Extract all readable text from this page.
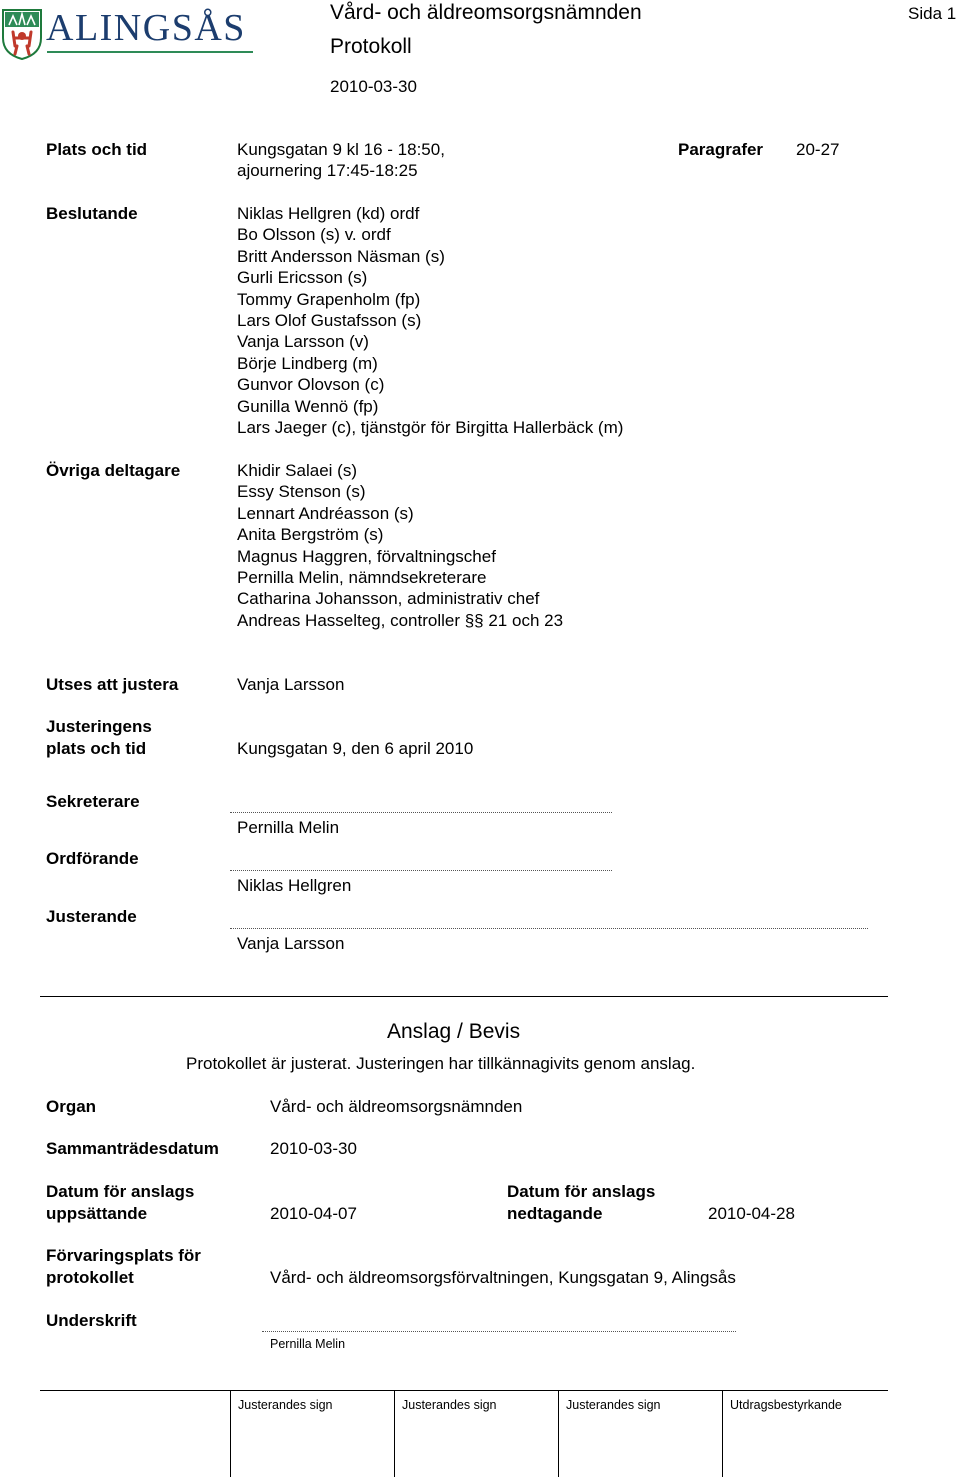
ALINGSÅS	Vård- och äldreomsorgsnämnden
Protokoll
2010-03-30
Sida 1
Plats och tid	Kungsgatan 9 kl 16 - 18:50,
ajournering 17:45-18:25
Paragrafer 20-27
Beslutande	Niklas Hellgren (kd) ordf
Bo Olsson (s) v. ordf
Britt Andersson Näsman (s)
Gurli Ericsson (s)
Tommy Grapenholm (fp)
Lars Olof Gustafsson (s)
Vanja Larsson (v)
Börje Lindberg (m)
Gunvor Olovson (c)
Gunilla Wennö (fp)
Lars Jaeger (c), tjänstgör för Birgitta Hallerbäck (m)
Övriga deltagare	Khidir Salaei (s)
Essy Stenson (s)
Lennart Andréasson (s)
Anita Bergström (s)
Magnus Haggren, förvaltningschef
Pernilla Melin, nämndsekreterare
Catharina Johansson, administrativ chef
Andreas Hasselteg, controller §§ 21 och 23
Utses att justera	Vanja Larsson
Justeringens
plats och tid	Kungsgatan 9, den 6 april 2010
Sekreterare
Pernilla Melin
Ordförande
Niklas Hellgren
Justerande
Vanja Larsson
Anslag / Bevis
Protokollet är justerat. Justeringen har tillkännagivits genom anslag.
Organ	Vård- och äldreomsorgsnämnden
Sammanträdesdatum	2010-03-30
Datum för anslags
uppsättande	2010-04-07
Datum för anslags
nedtagande	2010-04-28
Förvaringsplats för
protokollet	Vård- och äldreomsorgsförvaltningen, Kungsgatan 9, Alingsås
Underskrift
Pernilla Melin
Justerandes sign	Justerandes sign	Justerandes sign	Utdragsbestyrkande
